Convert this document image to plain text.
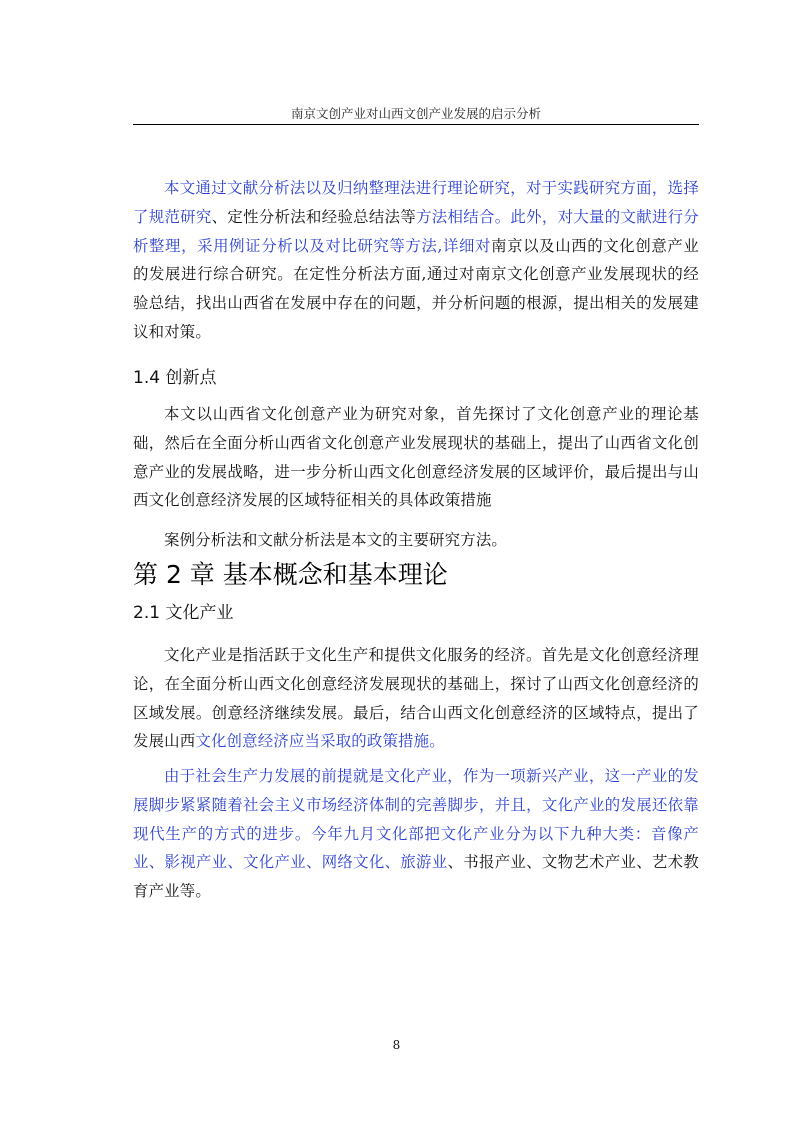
南京文创产业对山西文创产业发展的启示分析

本文通过文献分析法以及归纳整理法进行理论研究，对于实践研究方面，选择了规范研究、定性分析法和经验总结法等方法相结合。此外，对大量的文献进行分析整理，采用例证分析以及对比研究等方法,详细对南京以及山西的文化创意产业的发展进行综合研究。在定性分析法方面,通过对南京文化创意产业发展现状的经验总结，找出山西省在发展中存在的问题，并分析问题的根源，提出相关的发展建议和对策。

1.4 创新点

本文以山西省文化创意产业为研究对象，首先探讨了文化创意产业的理论基础，然后在全面分析山西省文化创意产业发展现状的基础上，提出了山西省文化创意产业的发展战略，进一步分析山西文化创意经济发展的区域评价，最后提出与山西文化创意经济发展的区域特征相关的具体政策措施

案例分析法和文献分析法是本文的主要研究方法。

第 2 章 基本概念和基本理论
2.1 文化产业

文化产业是指活跃于文化生产和提供文化服务的经济。首先是文化创意经济理论，在全面分析山西文化创意经济发展现状的基础上，探讨了山西文化创意经济的区域发展。创意经济继续发展。最后，结合山西文化创意经济的区域特点，提出了发展山西文化创意经济应当采取的政策措施。

由于社会生产力发展的前提就是文化产业，作为一项新兴产业，这一产业的发展脚步紧紧随着社会主义市场经济体制的完善脚步，并且，文化产业的发展还依靠现代生产的方式的进步。今年九月文化部把文化产业分为以下九种大类：音像产业、影视产业、文化产业、网络文化、旅游业、书报产业、文物艺术产业、艺术教育产业等。

8
